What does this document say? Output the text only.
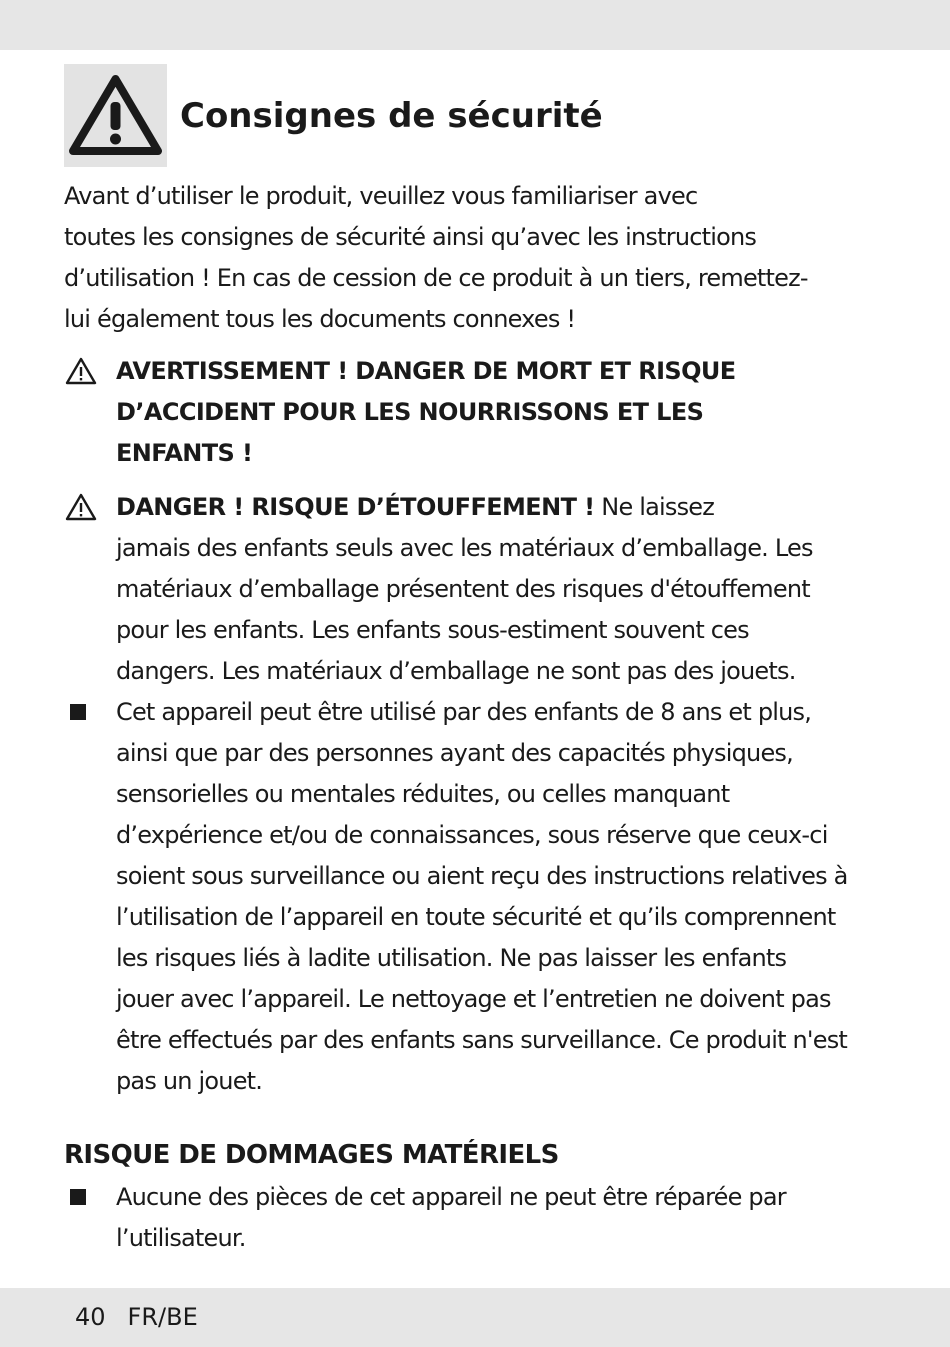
Consignes de sécurité

Avant d’utiliser le produit, veuillez vous familiariser avec

toutes les consignes de sécurité ainsi qu’avec les instructions

d’utilisation ! En cas de cession de ce produit à un tiers, remettez-

lui également tous les documents connexes !

AVERTISSEMENT ! DANGER DE MORT ET RISQUE

D’ACCIDENT POUR LES NOURRISSONS ET LES

ENFANTS !

DANGER ! RISQUE D’ÉTOUFFEMENT ! Ne laissez

jamais des enfants seuls avec les matériaux d’emballage. Les

matériaux d’emballage présentent des risques d'étouffement

pour les enfants. Les enfants sous-estiment souvent ces

dangers. Les matériaux d’emballage ne sont pas des jouets.

Cet appareil peut être utilisé par des enfants de 8 ans et plus,

ainsi que par des personnes ayant des capacités physiques,

sensorielles ou mentales réduites, ou celles manquant

d’expérience et/ou de connaissances, sous réserve que ceux-ci

soient sous surveillance ou aient reçu des instructions relatives à

l’utilisation de l’appareil en toute sécurité et qu’ils comprennent

les risques liés à ladite utilisation. Ne pas laisser les enfants

jouer avec l’appareil. Le nettoyage et l’entretien ne doivent pas

être effectués par des enfants sans surveillance. Ce produit n'est

pas un jouet.

RISQUE DE DOMMAGES MATÉRIELS

Aucune des pièces de cet appareil ne peut être réparée par

l’utilisateur.

40 FR/BE
